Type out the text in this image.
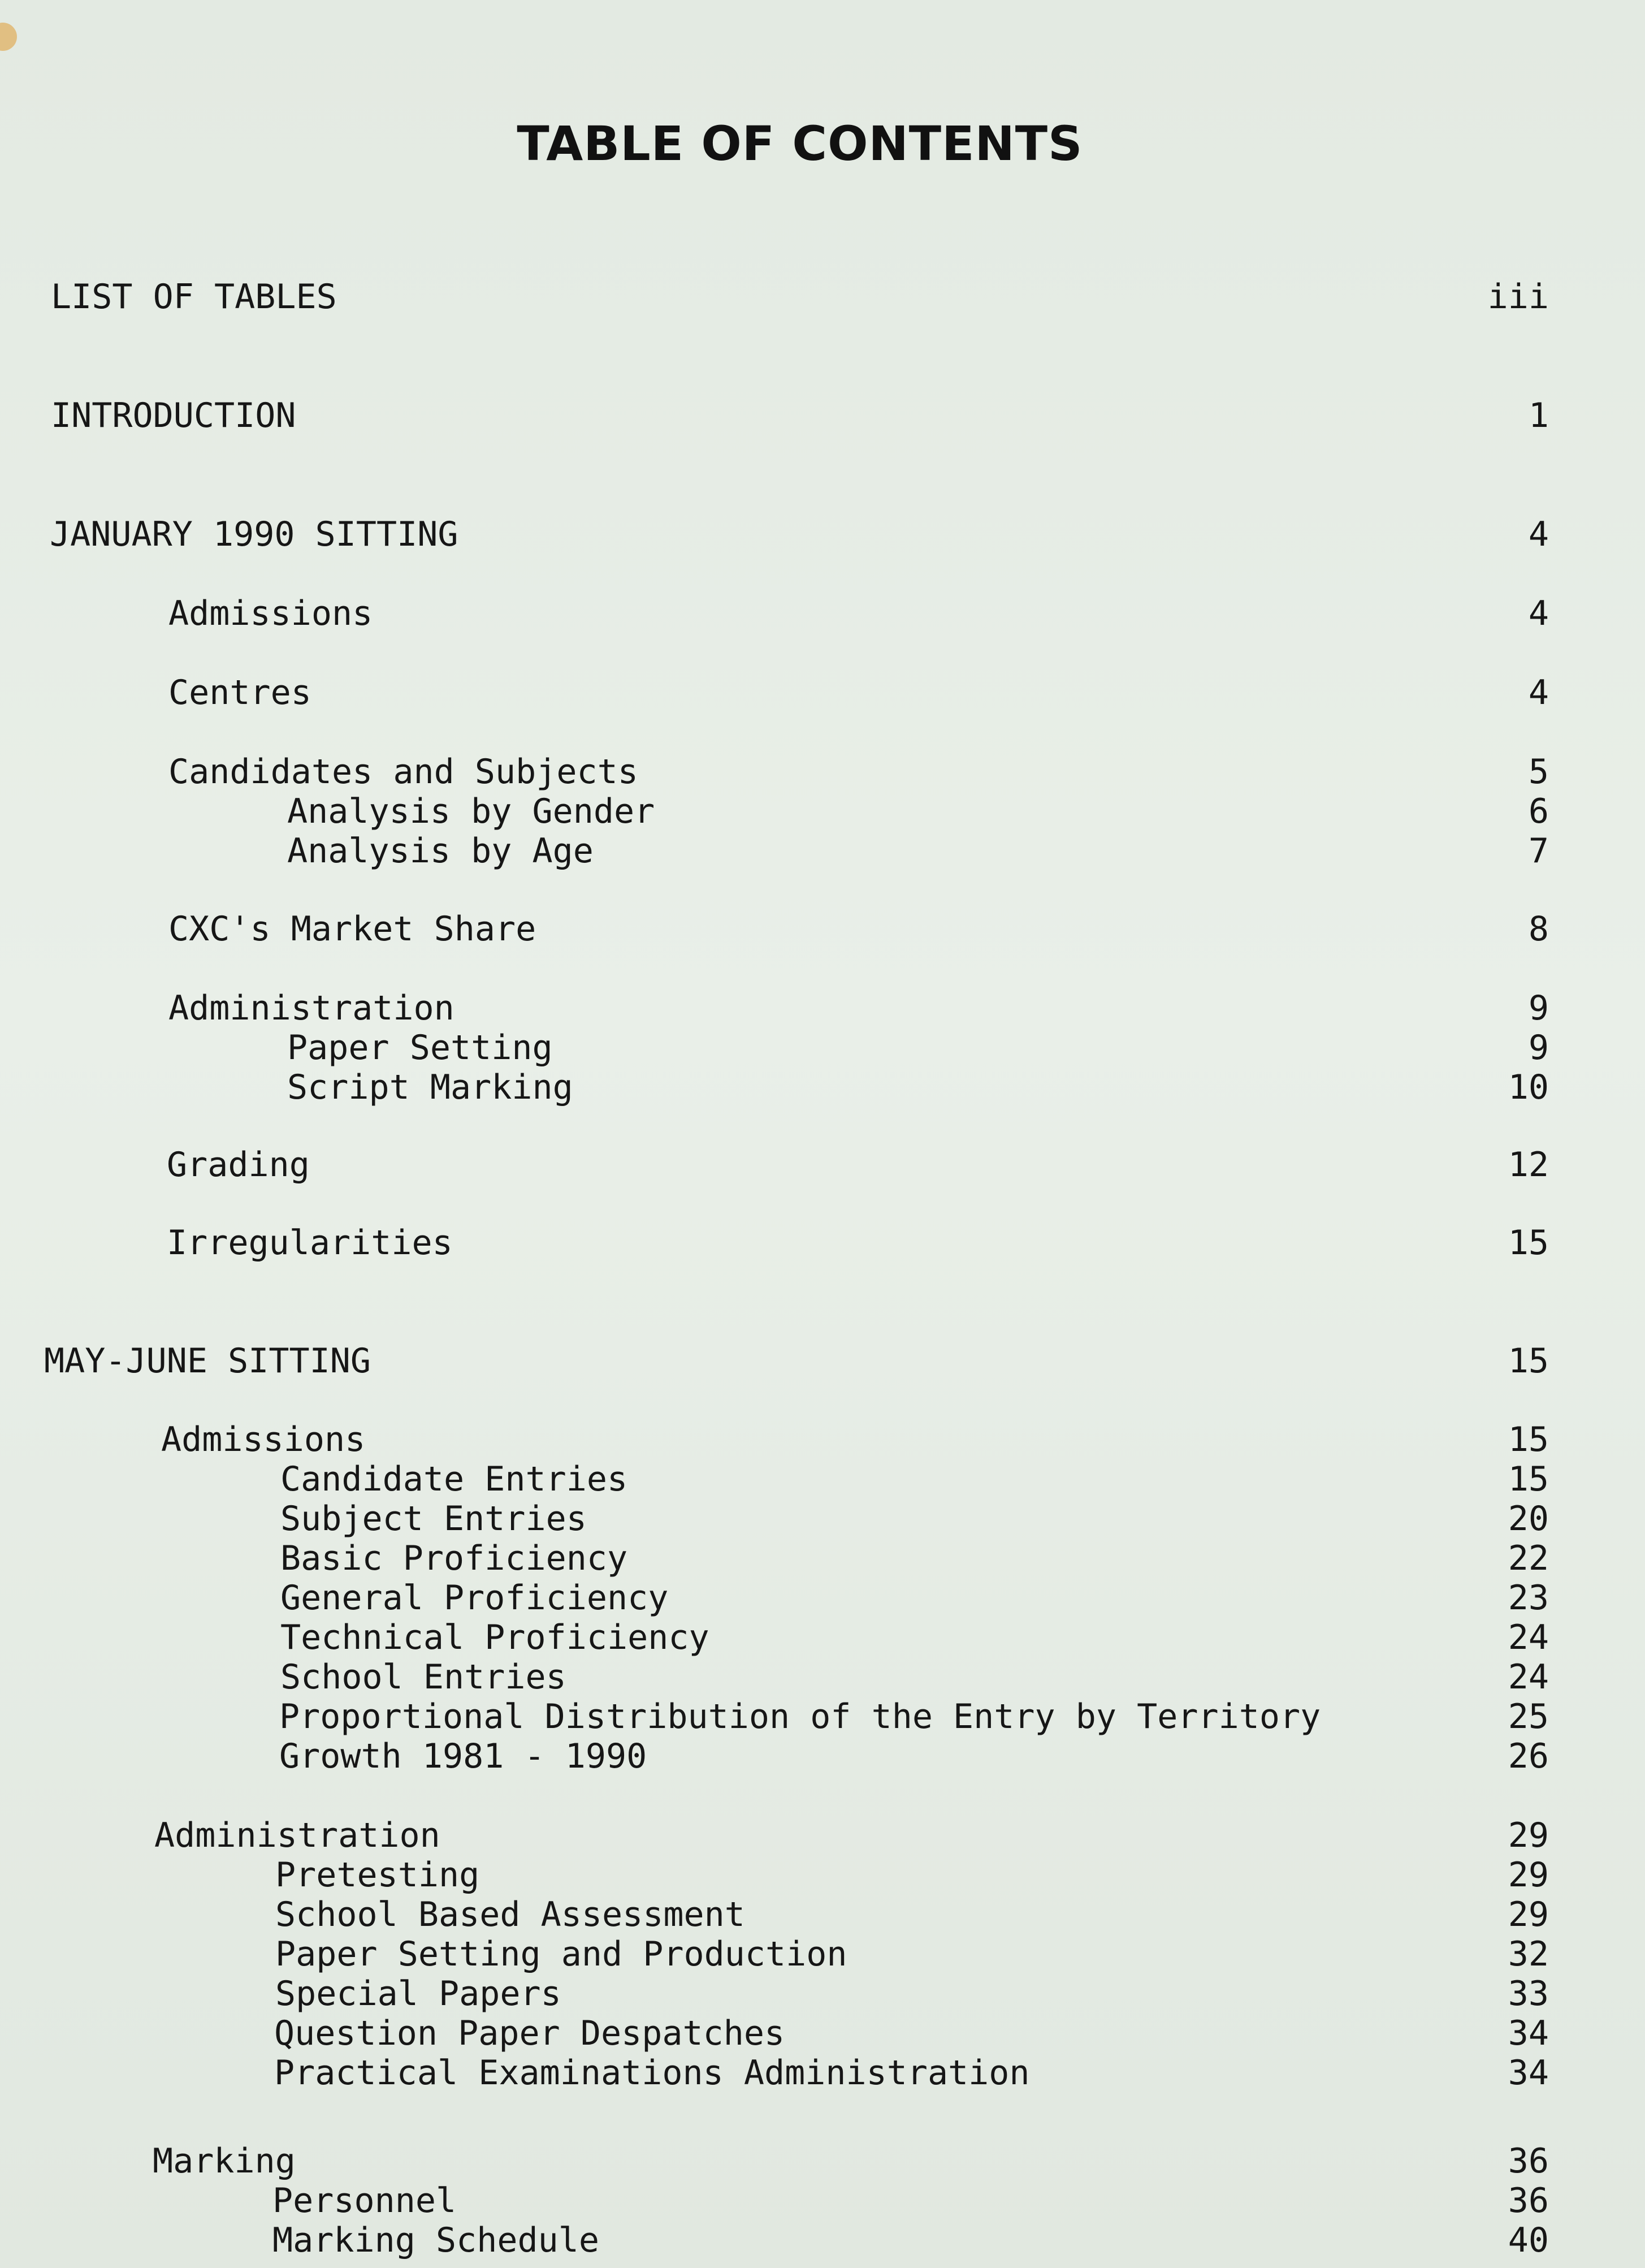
TABLE OF CONTENTS
LIST OF TABLES	iii
INTRODUCTION	1
JANUARY 1990 SITTING	4
Admissions	4
Centres	4
Candidates and Subjects	5
Analysis by Gender	6
Analysis by Age	7
CXC's Market Share	8
Administration	9
Paper Setting	9
Script Marking	10
Grading	12
Irregularities	15
MAY-JUNE SITTING	15
Admissions	15
Candidate Entries	15
Subject Entries	20
Basic Proficiency	22
General Proficiency	23
Technical Proficiency	24
School Entries	24
Proportional Distribution of the Entry by Territory	25
Growth 1981 - 1990	26
Administration	29
Pretesting	29
School Based Assessment	29
Paper Setting and Production	32
Special Papers	33
Question Paper Despatches	34
Practical Examinations Administration	34
Marking	36
Personnel	36
Marking Schedule	40
